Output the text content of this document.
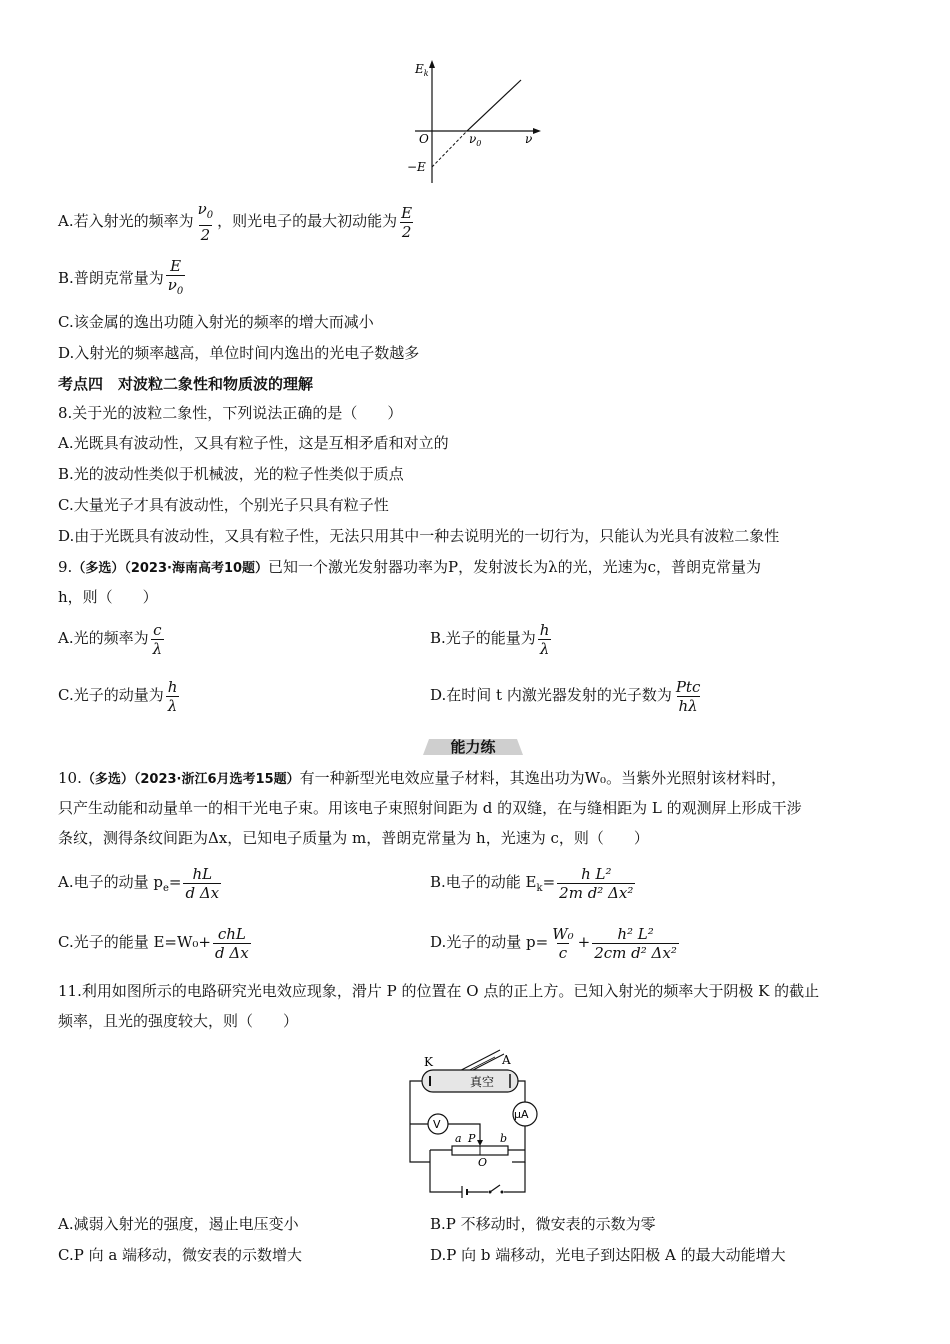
$E_k$
O	$\nu_0$	ν
−E
A.若入射光的频率为 $\frac{\nu_0}{2}$ ，则光电子的最大初动能为 $\frac{E}{2}$
B.普朗克常量为 $\frac{E}{\nu_0}$
C.该金属的逸出功随入射光的频率的增大而减小
D.入射光的频率越高，单位时间内逸出的光电子数越多
考点四　对波粒二象性和物质波的理解
8.关于光的波粒二象性，下列说法正确的是（　　）
A.光既具有波动性，又具有粒子性，这是互相矛盾和对立的
B.光的波动性类似于机械波，光的粒子性类似于质点
C.大量光子才具有波动性，个别光子只具有粒子性
D.由于光既具有波动性，又具有粒子性，无法只用其中一种去说明光的一切行为，只能认为光具有波粒二象性
9.（多选）（2023·海南高考10题）已知一个激光发射器功率为P，发射波长为λ的光，光速为c，普朗克常量为
h，则（　　）
A.光的频率为 $\frac{c}{\lambda}$	B.光子的能量为 $\frac{h}{\lambda}$
C.光子的动量为 $\frac{h}{\lambda}$	D.在时间 t 内激光器发射的光子数为 $\frac{\text{Ptc}}{h\lambda}$
能力练
10.（多选）（2023·浙江6月选考15题）有一种新型光电效应量子材料，其逸出功为W₀。当紫外光照射该材料时，
只产生动能和动量单一的相干光电子束。用该电子束照射间距为 d 的双缝，在与缝相距为 L 的观测屏上形成干涉
条纹，测得条纹间距为Δx，已知电子质量为 m，普朗克常量为 h，光速为 c，则（　　）
A.电子的动量 $p_e= \frac{hL}{\text{d Δx}}$	B.电子的动能 $E_k= \frac{\text{h L²}}{\text{2m d² Δx²}}$
C.光子的能量 $E=W_0+ \frac{\text{chL}}{\text{d Δx}}$	D.光子的动量 $p= \frac{\text{W₀}}{c} + \frac{\text{h² L²}}{\text{2cm d² Δx²}}$
11.利用如图所示的电路研究光电效应现象，滑片 P 的位置在 O 点的正上方。已知入射光的频率大于阴极 K 的截止
频率，且光的强度较大，则（　　）
K	A
真空
μA
V
a P b
O
A.减弱入射光的强度，遏止电压变小	B.P 不移动时，微安表的示数为零
C.P 向 a 端移动，微安表的示数增大	D.P 向 b 端移动，光电子到达阳极 A 的最大动能增大
